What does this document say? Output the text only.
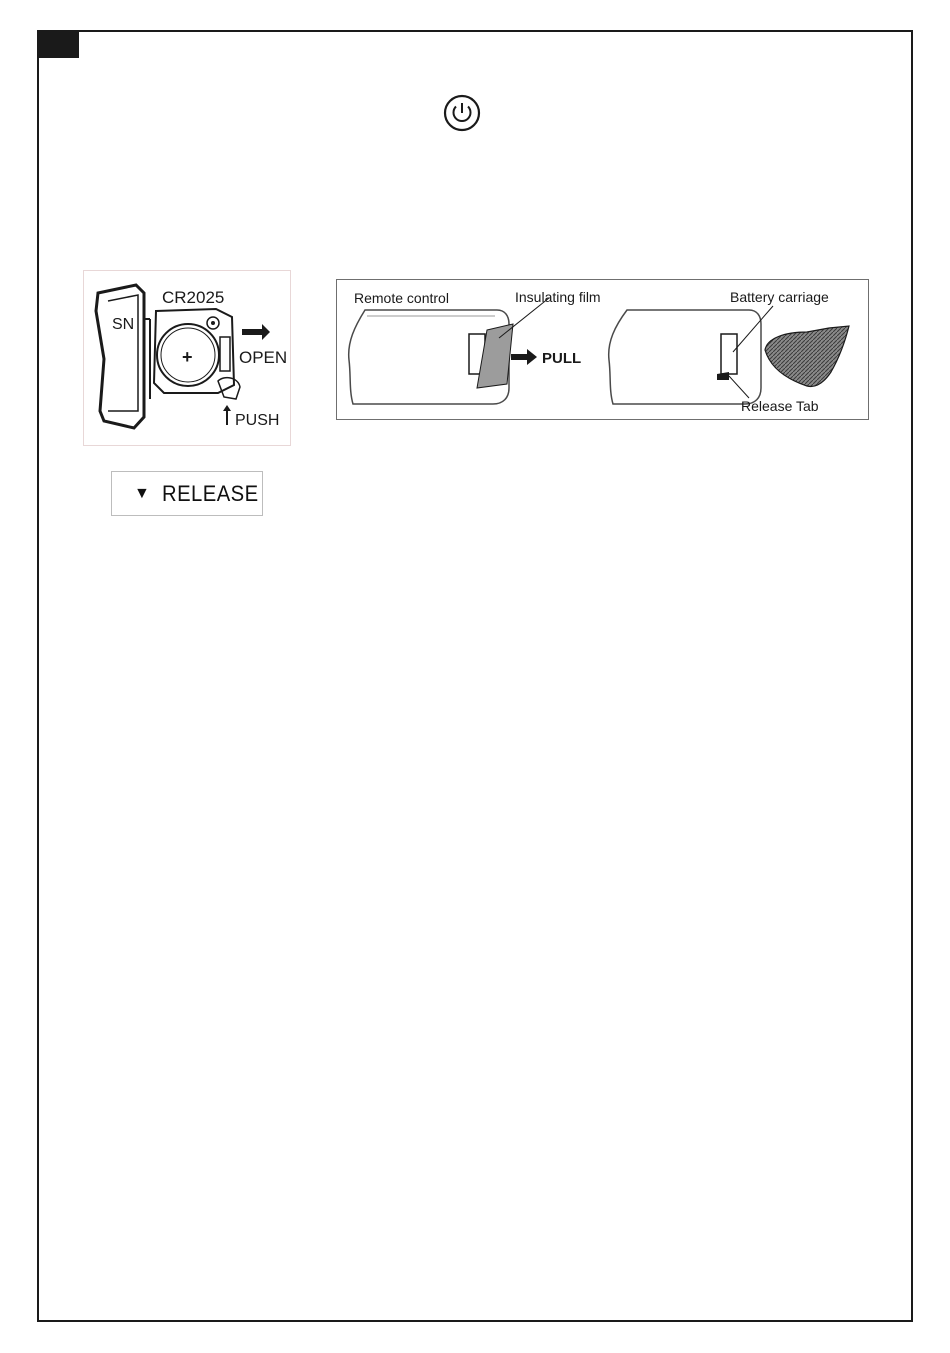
CR2025
SN
+	OPEN
PUSH
Remote control	Insulating film
PULL
Battery carriage
Release Tab
▼ RELEASE
